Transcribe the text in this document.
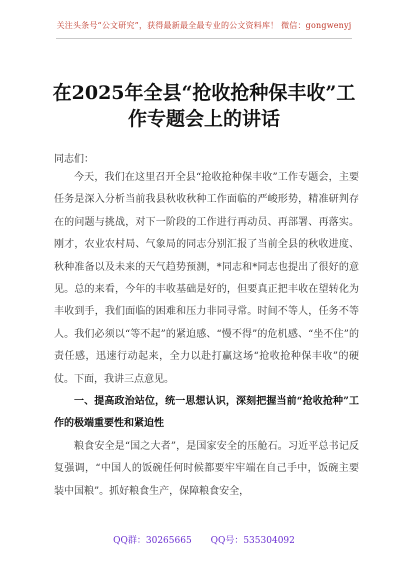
关注头条号“公文研究”，获得最新最全最专业的公文资料库！ 微信：gongwenyj
在2025年全县“抢收抢种保丰收”工
作专题会上的讲话
同志们：

今天，我们在这里召开全县“抢收抢种保丰收”工作专题会，主要任务是深入分析当前我县秋收秋种工作面临的严峻形势，精准研判存在的问题与挑战，对下一阶段的工作进行再动员、再部署、再落实。刚才，农业农村局、气象局的同志分别汇报了当前全县的秋收进度、秋种准备以及未来的天气趋势预测，*同志和*同志也提出了很好的意见。总的来看，今年的丰收基础是好的，但要真正把丰收在望转化为丰收到手，我们面临的困难和压力非同寻常。时间不等人，任务不等人。我们必须以“等不起”的紧迫感、“慢不得”的危机感、“坐不住”的责任感，迅速行动起来，全力以赴打赢这场“抢收抢种保丰收”的硬仗。下面，我讲三点意见。

一、提高政治站位，统一思想认识，深刻把握当前“抢收抢种”工作的极端重要性和紧迫性

粮食安全是“国之大者”，是国家安全的压舱石。习近平总书记反复强调，“中国人的饭碗任何时候都要牢牢端在自己手中，饭碗主要装中国粮”。抓好粮食生产，保障粮食安全，

QQ群：30265665 QQ号：535304092
